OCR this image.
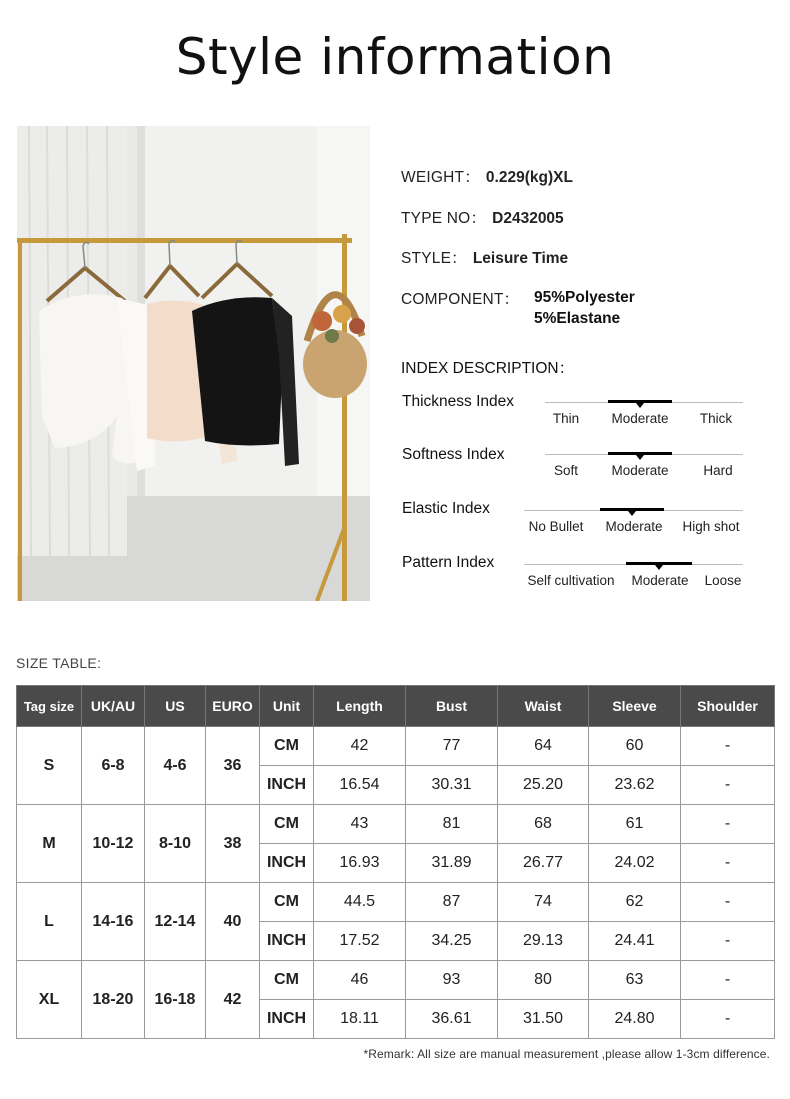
Style information
WEIGHT： 0.229(kg)XL
TYPE NO： D2432005
STYLE： Leisure Time
COMPONENT： 95%Polyester
5%Elastane
INDEX DESCRIPTION：
Thickness Index
Thin Moderate Thick
Softness Index
Soft Moderate	Hard
Elastic Index
No Bullet Moderate High shot
Pattern Index
Self cultivation Moderate Loose
SIZE TABLE:
Tag size	UK/AU	US	EURO	Unit	Length	Bust	Waist	Sleeve	Shoulder
S	6-8	4-6	36	CM	42	77	64	60	-
				INCH	16.54	30.31	25.20	23.62	-
M	10-12	8-10	38	CM	43	81	68	61	-
				INCH	16.93	31.89	26.77	24.02	-
L	14-16	12-14	40	CM	44.5	87	74	62	-
				INCH	17.52	34.25	29.13	24.41	-
XL	18-20	16-18	42	CM	46	93	80	63	-
				INCH	18.11	36.61	31.50	24.80	-
*Remark: All size are manual measurement ,please allow 1-3cm difference.
